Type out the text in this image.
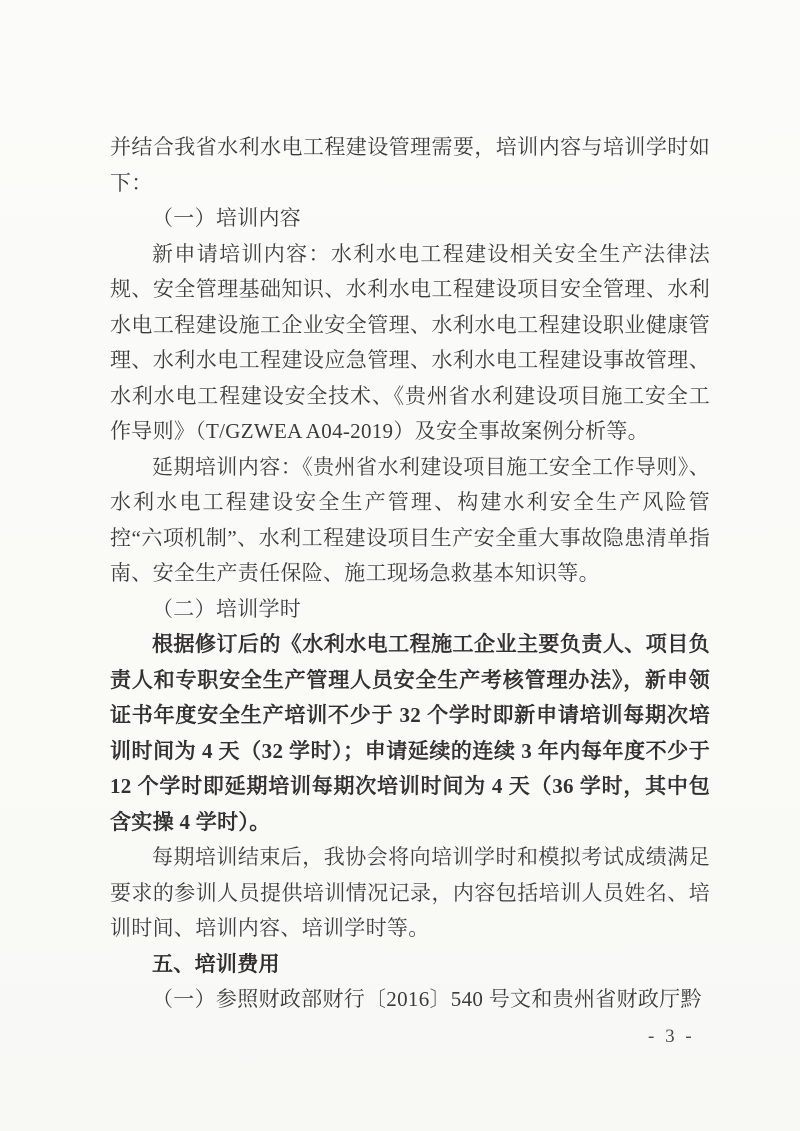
并结合我省水利水电工程建设管理需要，培训内容与培训学时如下：

（一）培训内容

新申请培训内容：水利水电工程建设相关安全生产法律法规、安全管理基础知识、水利水电工程建设项目安全管理、水利水电工程建设施工企业安全管理、水利水电工程建设职业健康管理、水利水电工程建设应急管理、水利水电工程建设事故管理、水利水电工程建设安全技术、《贵州省水利建设项目施工安全工作导则》（T/GZWEA A04-2019）及安全事故案例分析等。

延期培训内容：《贵州省水利建设项目施工安全工作导则》、水利水电工程建设安全生产管理、构建水利安全生产风险管控“六项机制”、水利工程建设项目生产安全重大事故隐患清单指南、安全生产责任保险、施工现场急救基本知识等。

（二）培训学时

根据修订后的《水利水电工程施工企业主要负责人、项目负责人和专职安全生产管理人员安全生产考核管理办法》，新申领证书年度安全生产培训不少于 32 个学时即新申请培训每期次培训时间为 4 天（32 学时）；申请延续的连续 3 年内每年度不少于 12 个学时即延期培训每期次培训时间为 4 天（36 学时，其中包含实操 4 学时）。

每期培训结束后，我协会将向培训学时和模拟考试成绩满足要求的参训人员提供培训情况记录，内容包括培训人员姓名、培训时间、培训内容、培训学时等。

五、培训费用

（一）参照财政部财行〔2016〕540 号文和贵州省财政厅黔

- 3 -
